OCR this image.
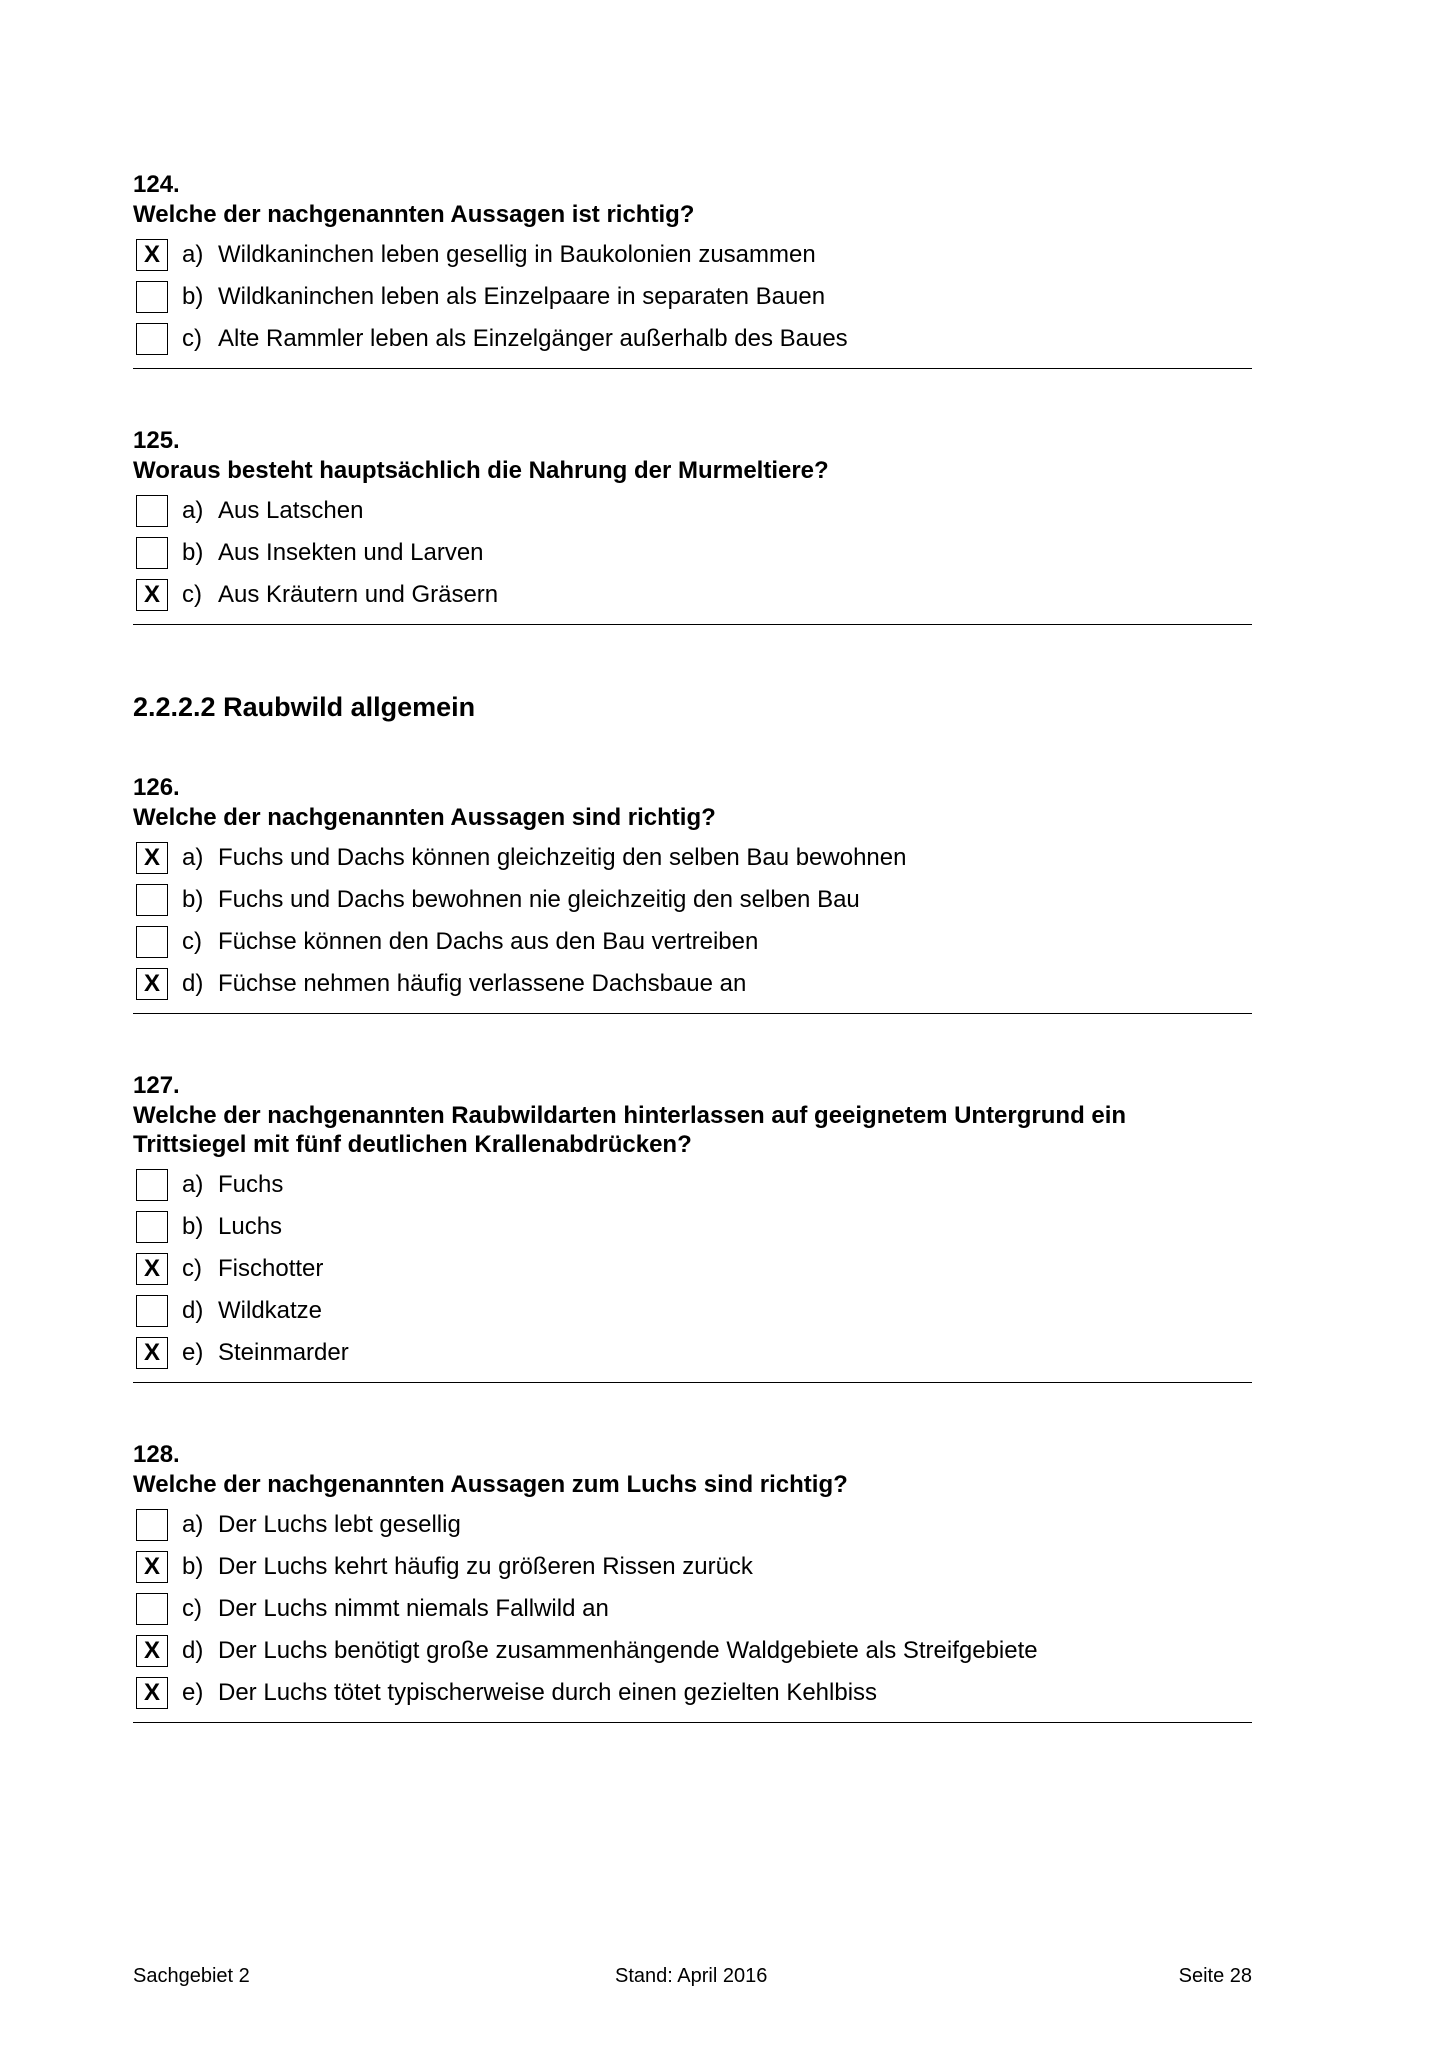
124.
Welche der nachgenannten Aussagen ist richtig?
X a) Wildkaninchen leben gesellig in Baukolonien zusammen
b) Wildkaninchen leben als Einzelpaare in separaten Bauen
c) Alte Rammler leben als Einzelgänger außerhalb des Baues
125.
Woraus besteht hauptsächlich die Nahrung der Murmeltiere?
a) Aus Latschen
b) Aus Insekten und Larven
X c) Aus Kräutern und Gräsern
2.2.2.2 Raubwild allgemein
126.
Welche der nachgenannten Aussagen sind richtig?
X a) Fuchs und Dachs können gleichzeitig den selben Bau bewohnen
b) Fuchs und Dachs bewohnen nie gleichzeitig den selben Bau
c) Füchse können den Dachs aus den Bau vertreiben
X d) Füchse nehmen häufig verlassene Dachsbaue an
127.
Welche der nachgenannten Raubwildarten hinterlassen auf geeignetem Untergrund ein
Trittsiegel mit fünf deutlichen Krallenabdrücken?
a) Fuchs
b) Luchs
X c) Fischotter
d) Wildkatze
X e) Steinmarder
128.
Welche der nachgenannten Aussagen zum Luchs sind richtig?
a) Der Luchs lebt gesellig
X b) Der Luchs kehrt häufig zu größeren Rissen zurück
c) Der Luchs nimmt niemals Fallwild an
X d) Der Luchs benötigt große zusammenhängende Waldgebiete als Streifgebiete
X e) Der Luchs tötet typischerweise durch einen gezielten Kehlbiss
Sachgebiet 2	Stand: April 2016	Seite 28
